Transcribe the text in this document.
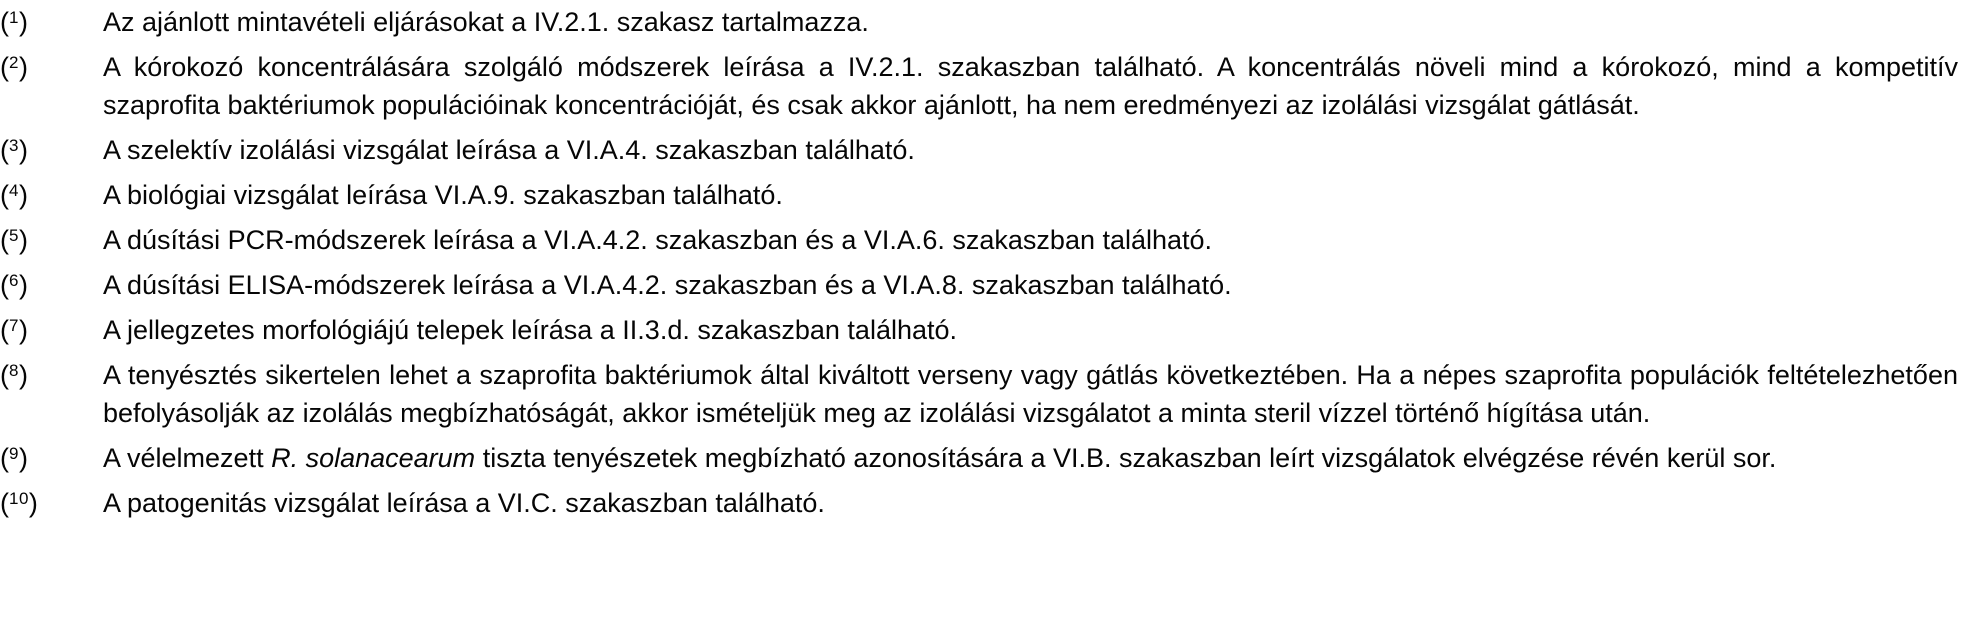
($^1$)	Az ajánlott mintavételi eljárásokat a IV.2.1. szakasz tartalmazza.
($^2$)	A kórokozó koncentrálására szolgáló módszerek leírása a IV.2.1. szakaszban található. A koncentrálás növeli mind a kórokozó, mind a kompetitív szaprofita baktériumok populációinak koncentrációját, és csak akkor ajánlott, ha nem eredményezi az izolálási vizsgálat gátlását.
($^3$)	A szelektív izolálási vizsgálat leírása a VI.A.4. szakaszban található.
($^4$)	A biológiai vizsgálat leírása VI.A.9. szakaszban található.
($^5$)	A dúsítási PCR-módszerek leírása a VI.A.4.2. szakaszban és a VI.A.6. szakaszban található.
($^6$)	A dúsítási ELISA-módszerek leírása a VI.A.4.2. szakaszban és a VI.A.8. szakaszban található.
($^7$)	A jellegzetes morfológiájú telepek leírása a II.3.d. szakaszban található.
($^8$)	A tenyésztés sikertelen lehet a szaprofita baktériumok által kiváltott verseny vagy gátlás következtében. Ha a népes szaprofita populációk feltételezhetően befolyásolják az izolálás megbízhatóságát, akkor ismételjük meg az izolálási vizsgálatot a minta steril vízzel történő hígítása után.
($^9$)	A vélelmezett R. solanacearum tiszta tenyészetek megbízható azonosítására a VI.B. szakaszban leírt vizsgálatok elvégzése révén kerül sor.
($^{10}$)	A patogenitás vizsgálat leírása a VI.C. szakaszban található.
